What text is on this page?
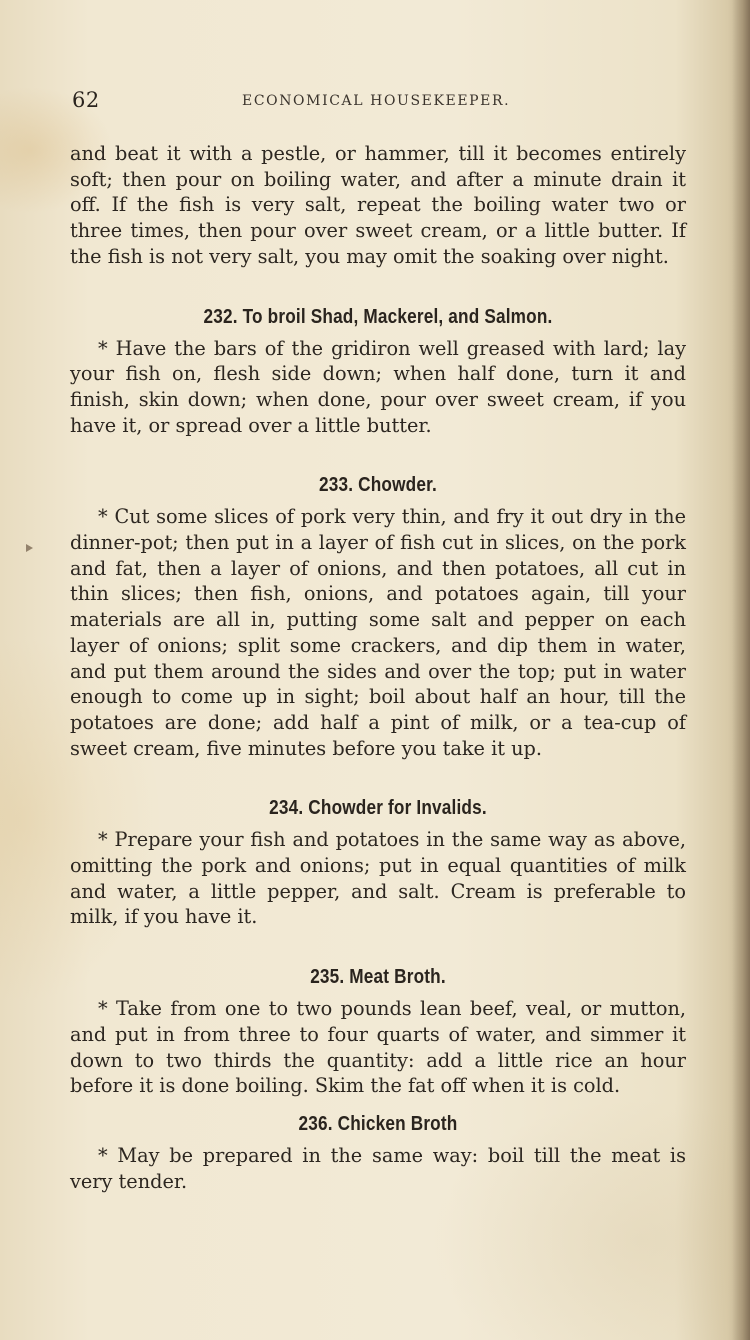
62	ECONOMICAL HOUSEKEEPER.

and beat it with a pestle, or hammer, till it becomes entirely soft; then pour on boiling water, and after a minute drain it off. If the fish is very salt, repeat the boiling water two or three times, then pour over sweet cream, or a little butter. If the fish is not very salt, you may omit the soaking over night.

232. To broil Shad, Mackerel, and Salmon.

* Have the bars of the gridiron well greased with lard; lay your fish on, flesh side down; when half done, turn it and finish, skin down; when done, pour over sweet cream, if you have it, or spread over a little butter.

233. Chowder.

* Cut some slices of pork very thin, and fry it out dry in the dinner-pot; then put in a layer of fish cut in slices, on the pork and fat, then a layer of onions, and then potatoes, all cut in thin slices; then fish, onions, and potatoes again, till your materials are all in, putting some salt and pepper on each layer of onions; split some crackers, and dip them in water, and put them around the sides and over the top; put in water enough to come up in sight; boil about half an hour, till the potatoes are done; add half a pint of milk, or a tea-cup of sweet cream, five minutes before you take it up.

234. Chowder for Invalids.

* Prepare your fish and potatoes in the same way as above, omitting the pork and onions; put in equal quantities of milk and water, a little pepper, and salt. Cream is preferable to milk, if you have it.

235. Meat Broth.

* Take from one to two pounds lean beef, veal, or mutton, and put in from three to four quarts of water, and simmer it down to two thirds the quantity: add a little rice an hour before it is done boiling. Skim the fat off when it is cold.

236. Chicken Broth

* May be prepared in the same way: boil till the meat is very tender.
